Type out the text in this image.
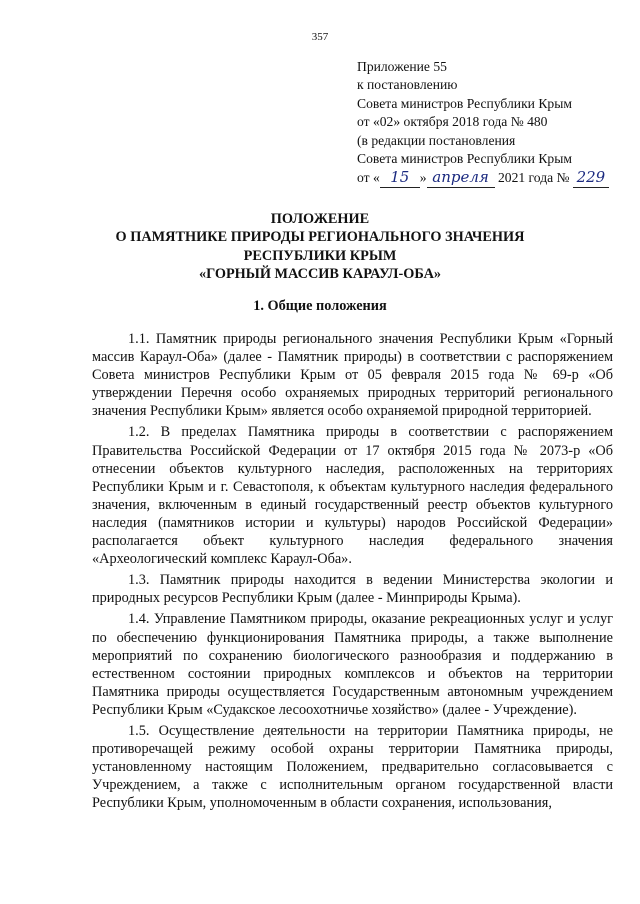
357
Приложение 55
к постановлению
Совета министров Республики Крым
от «02» октября 2018 года № 480
(в редакции постановления
Совета министров Республики Крым
от « 15 » апреля 2021 года № 229
ПОЛОЖЕНИЕ
О ПАМЯТНИКЕ ПРИРОДЫ РЕГИОНАЛЬНОГО ЗНАЧЕНИЯ
РЕСПУБЛИКИ КРЫМ
«ГОРНЫЙ МАССИВ КАРАУЛ-ОБА»
1. Общие положения

1.1. Памятник природы регионального значения Республики Крым «Горный массив Караул-Оба» (далее - Памятник природы) в соответствии с распоряжением Совета министров Республики Крым от 05 февраля 2015 года № 69-р «Об утверждении Перечня особо охраняемых природных территорий регионального значения Республики Крым» является особо охраняемой природной территорией.

1.2. В пределах Памятника природы в соответствии с распоряжением Правительства Российской Федерации от 17 октября 2015 года № 2073-р «Об отнесении объектов культурного наследия, расположенных на территориях Республики Крым и г. Севастополя, к объектам культурного наследия федерального значения, включенным в единый государственный реестр объектов культурного наследия (памятников истории и культуры) народов Российской Федерации» располагается объект культурного наследия федерального значения «Археологический комплекс Караул-Оба».

1.3. Памятник природы находится в ведении Министерства экологии и природных ресурсов Республики Крым (далее - Минприроды Крыма).

1.4. Управление Памятником природы, оказание рекреационных услуг и услуг по обеспечению функционирования Памятника природы, а также выполнение мероприятий по сохранению биологического разнообразия и поддержанию в естественном состоянии природных комплексов и объектов на территории Памятника природы осуществляется Государственным автономным учреждением Республики Крым «Судакское лесоохотничье хозяйство» (далее - Учреждение).

1.5. Осуществление деятельности на территории Памятника природы, не противоречащей режиму особой охраны территории Памятника природы, установленному настоящим Положением, предварительно согласовывается с Учреждением, а также с исполнительным органом государственной власти Республики Крым, уполномоченным в области сохранения, использования,
